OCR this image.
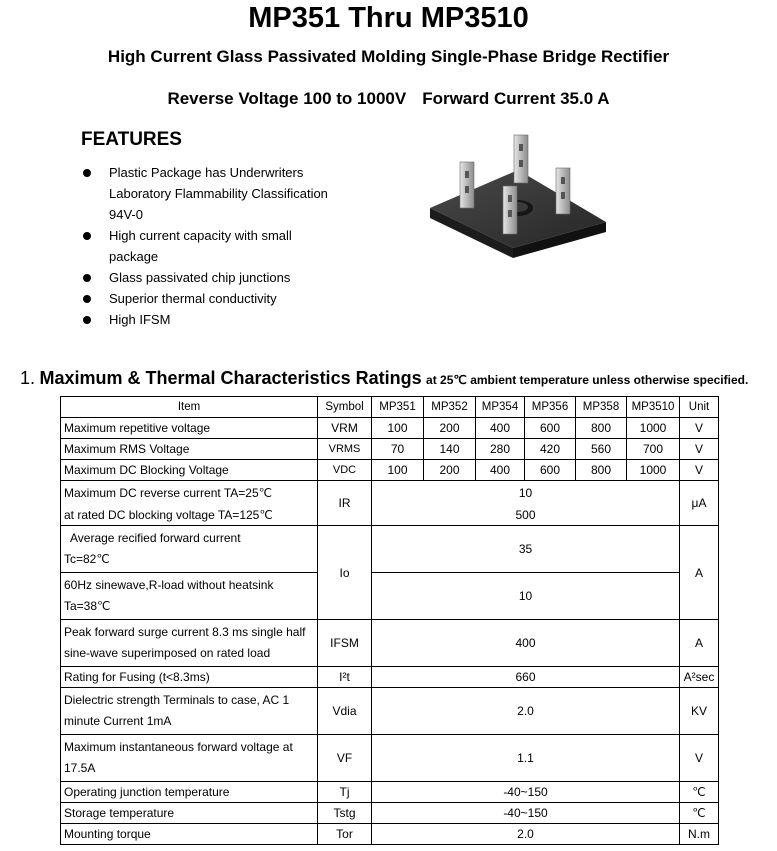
MP351 Thru MP3510
High Current Glass Passivated Molding Single-Phase Bridge Rectifier
Reverse Voltage 100 to 1000V Forward Current 35.0 A
FEATURES
Plastic Package has Underwriters Laboratory Flammability Classification 94V-0
High current capacity with small package
Glass passivated chip junctions
Superior thermal conductivity
High IFSM
1. Maximum & Thermal Characteristics Ratings at 25℃ ambient temperature unless otherwise specified.
Item	Symbol	MP351	MP352	MP354	MP356	MP358	MP3510	Unit
Maximum repetitive voltage	VRM	100	200	400	600	800	1000	V
Maximum RMS Voltage	VRMS	70	140	280	420	560	700	V
Maximum DC Blocking Voltage	VDC	100	200	400	600	800	1000	V
Maximum DC reverse current TA=25℃	IR	10						μA
at rated DC blocking voltage TA=125℃		500						

Average recified forward current
Tc=82℃	Io	35						A

60Hz sinewave,R-load without heatsink
Ta=38℃		10						

Peak forward surge current 8.3 ms single half
sine-wave superimposed on rated load	IFSM	400						A
Rating for Fusing (t<8.3ms)	I²t	660						A²sec

Dielectric strength Terminals to case, AC 1
minute Current 1mA	Vdia	2.0						KV

Maximum instantaneous forward voltage at
17.5A	VF	1.1						V
Operating junction temperature	Tj	-40~150						℃
Storage temperature	Tstg	-40~150						℃
Mounting torque	Tor	2.0						N.m
